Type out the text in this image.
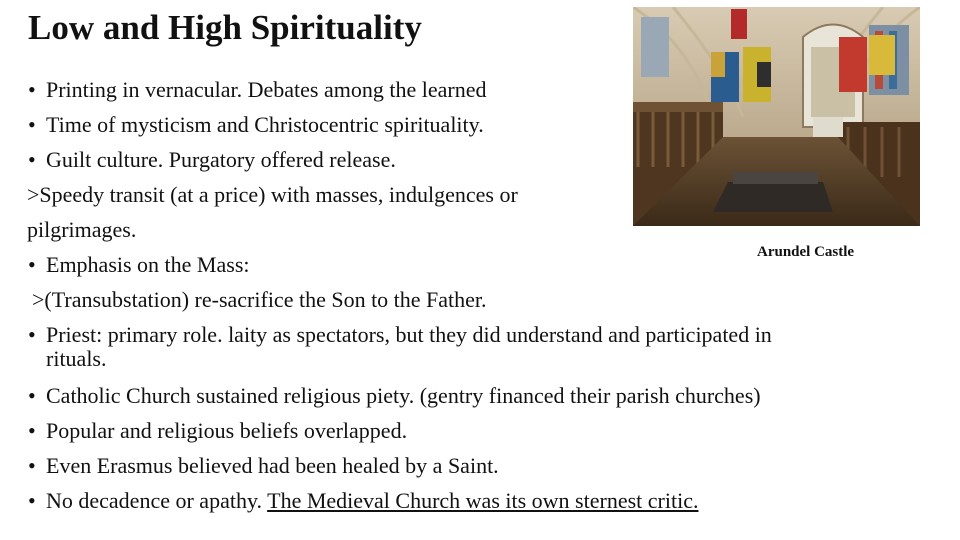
Low and High Spirituality
Arundel Castle
• Printing in vernacular. Debates among the learned
• Time of mysticism and Christocentric spirituality.
• Guilt culture. Purgatory offered release.
>Speedy transit (at a price) with masses, indulgences or
pilgrimages.
• Emphasis on the Mass:
>(Transubstation) re-sacrifice the Son to the Father.
• Priest: primary role. laity as spectators, but they did understand and participated in
rituals.
• Catholic Church sustained religious piety. (gentry financed their parish churches)
• Popular and religious beliefs overlapped.
• Even Erasmus believed had been healed by a Saint.
• No decadence or apathy. The Medieval Church was its own sternest critic.
